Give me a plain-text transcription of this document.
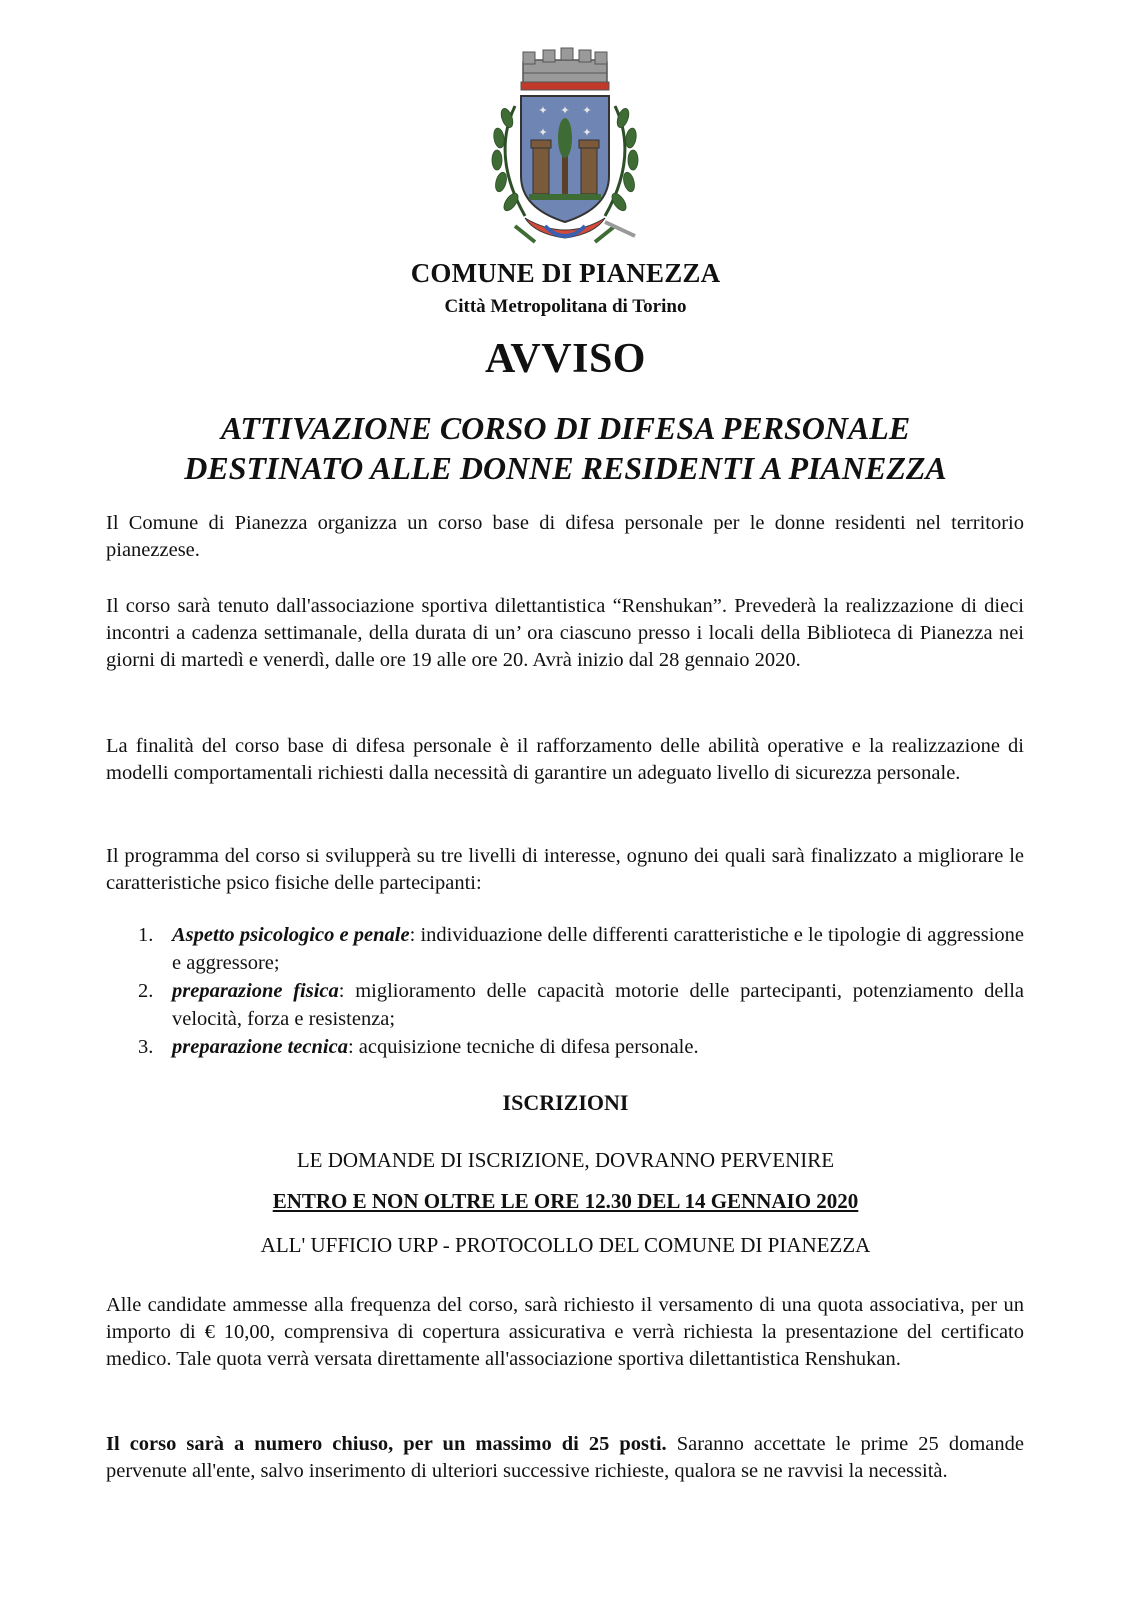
✦ ✦ ✦
✦	✦
COMUNE DI PIANEZZA
Città Metropolitana di Torino
AVVISO
ATTIVAZIONE CORSO DI DIFESA PERSONALE
DESTINATO ALLE DONNE RESIDENTI A PIANEZZA

Il Comune di Pianezza organizza un corso base di difesa personale per le donne residenti nel territorio pianezzese.

Il corso sarà tenuto dall'associazione sportiva dilettantistica “Renshukan”. Prevederà la realizzazione di dieci incontri a cadenza settimanale, della durata di un’ ora ciascuno presso i locali della Biblioteca di Pianezza nei giorni di martedì e venerdì, dalle ore 19 alle ore 20. Avrà inizio dal 28 gennaio 2020.

La finalità del corso base di difesa personale è il rafforzamento delle abilità operative e la realizzazione di modelli comportamentali richiesti dalla necessità di garantire un adeguato livello di sicurezza personale.

Il programma del corso si svilupperà su tre livelli di interesse, ognuno dei quali sarà finalizzato a migliorare le caratteristiche psico fisiche delle partecipanti:

1. Aspetto psicologico e penale: individuazione delle differenti caratteristiche e le tipologie di aggressione e aggressore;
2. preparazione fisica: miglioramento delle capacità motorie delle partecipanti, potenziamento della velocità, forza e resistenza;
3. preparazione tecnica: acquisizione tecniche di difesa personale.
ISCRIZIONI
LE DOMANDE DI ISCRIZIONE, DOVRANNO PERVENIRE
ENTRO E NON OLTRE LE ORE 12.30 DEL 14 GENNAIO 2020
ALL' UFFICIO URP - PROTOCOLLO DEL COMUNE DI PIANEZZA

Alle candidate ammesse alla frequenza del corso, sarà richiesto il versamento di una quota associativa, per un importo di € 10,00, comprensiva di copertura assicurativa e verrà richiesta la presentazione del certificato medico. Tale quota verrà versata direttamente all'associazione sportiva dilettantistica Renshukan.

Il corso sarà a numero chiuso, per un massimo di 25 posti. Saranno accettate le prime 25 domande pervenute all'ente, salvo inserimento di ulteriori successive richieste, qualora se ne ravvisi la necessità.
